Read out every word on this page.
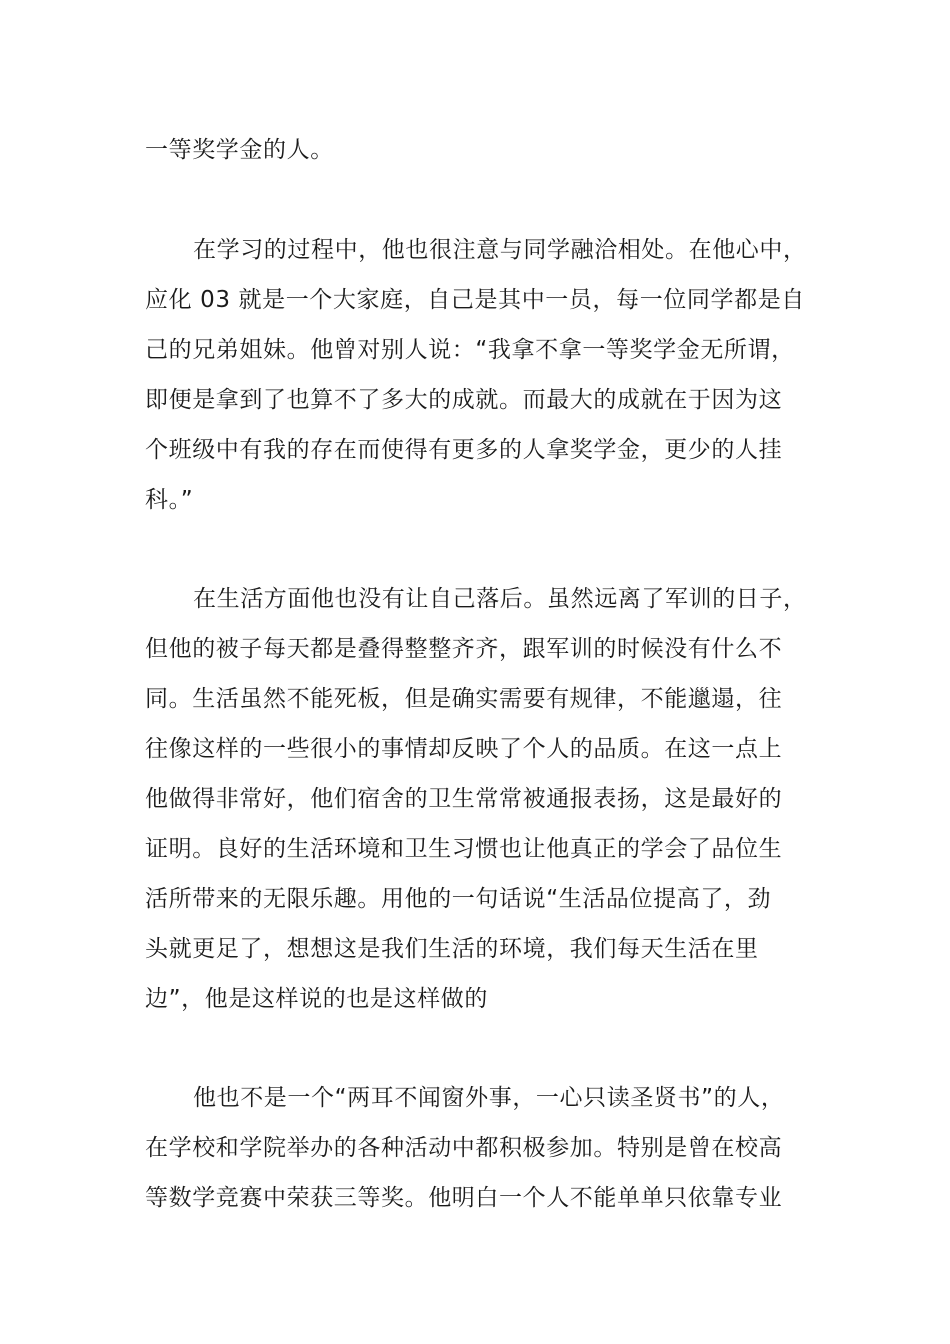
一等奖学金的人。
在学习的过程中，他也很注意与同学融洽相处。在他心中，
应化 03 就是一个大家庭，自己是其中一员，每一位同学都是自
己的兄弟姐妹。他曾对别人说：“我拿不拿一等奖学金无所谓，
即便是拿到了也算不了多大的成就。而最大的成就在于因为这
个班级中有我的存在而使得有更多的人拿奖学金，更少的人挂
科。”
在生活方面他也没有让自己落后。虽然远离了军训的日子，
但他的被子每天都是叠得整整齐齐，跟军训的时候没有什么不
同。生活虽然不能死板，但是确实需要有规律，不能邋遢，往
往像这样的一些很小的事情却反映了个人的品质。在这一点上
他做得非常好，他们宿舍的卫生常常被通报表扬，这是最好的
证明。良好的生活环境和卫生习惯也让他真正的学会了品位生
活所带来的无限乐趣。用他的一句话说“生活品位提高了，劲
头就更足了，想想这是我们生活的环境，我们每天生活在里
边”，他是这样说的也是这样做的
他也不是一个“两耳不闻窗外事，一心只读圣贤书”的人，
在学校和学院举办的各种活动中都积极参加。特别是曾在校高
等数学竞赛中荣获三等奖。他明白一个人不能单单只依靠专业
